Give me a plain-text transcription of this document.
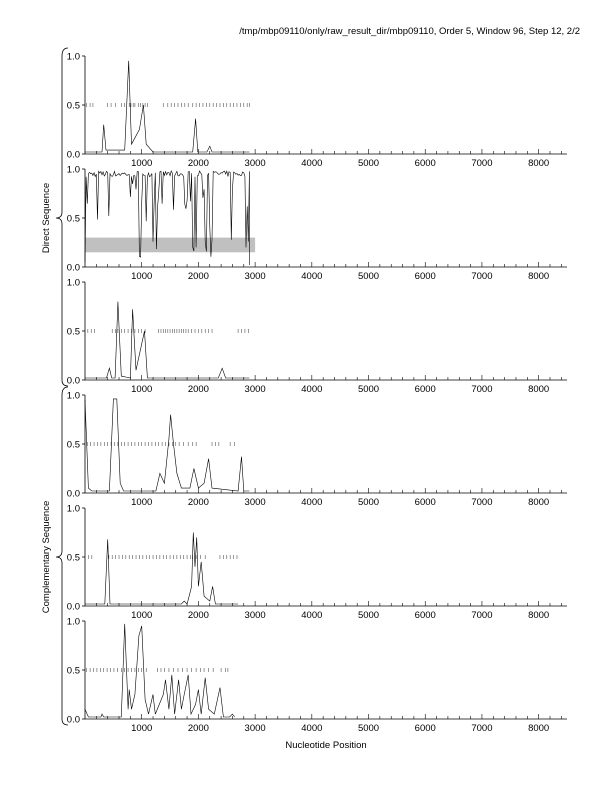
/tmp/mbp09110/only/raw_result_dir/mbp09110, Order 5, Window 96, Step 12, 2/2
0.0
0.5
1.0
1000	2000	3000	4000	5000	6000	7000	8000
0.0
0.5
1.0
1000	2000	3000	4000	5000	6000	7000	8000
0.0
0.5
1.0
1000	2000	3000	4000	5000	6000	7000	8000
0.0
0.5
1.0
1000	2000	3000	4000	5000	6000	7000	8000
0.0
0.5
1.0
1000	2000	3000	4000	5000	6000	7000	8000
0.0
0.5
1.0
1000	2000	3000	4000	5000	6000	7000	8000
Direct Sequence
Complementary Sequence
Nucleotide Position
